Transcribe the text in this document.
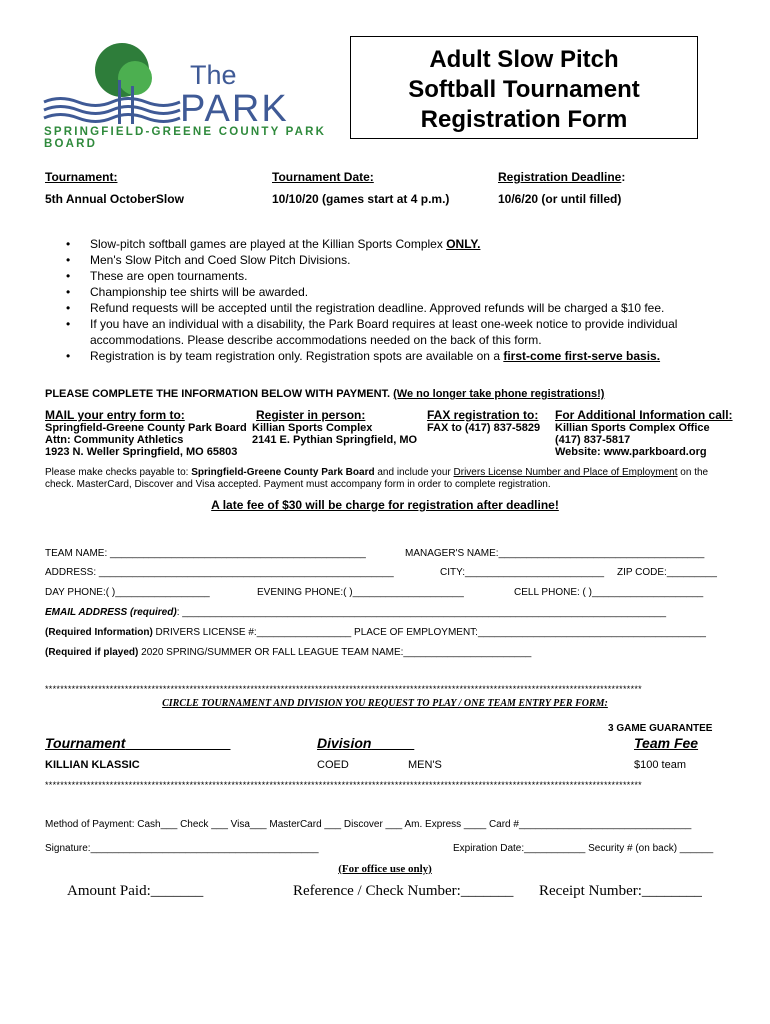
The
PARK
SPRINGFIELD-GREENE COUNTY PARK BOARD
Adult Slow Pitch
Softball Tournament
Registration Form
Tournament:
5th Annual OctoberSlow
Tournament Date:
10/10/20 (games start at 4 p.m.)
Registration Deadline:
10/6/20 (or until filled)
• Slow-pitch softball games are played at the Killian Sports Complex ONLY.
• Men's Slow Pitch and Coed Slow Pitch Divisions.
• These are open tournaments.
• Championship tee shirts will be awarded.
• Refund requests will be accepted until the registration deadline. Approved refunds will be charged a $10 fee.
• If you have an individual with a disability, the Park Board requires at least one-week notice to provide individual
accommodations. Please describe accommodations needed on the back of this form.
• Registration is by team registration only. Registration spots are available on a first-come first-serve basis.
PLEASE COMPLETE THE INFORMATION BELOW WITH PAYMENT. (We no longer take phone registrations!)
MAIL your entry form to:
Springfield-Greene County Park Board
Attn: Community Athletics
1923 N. Weller Springfield, MO 65803
Register in person:
Killian Sports Complex
2141 E. Pythian Springfield, MO
FAX registration to:
FAX to (417) 837-5829
For Additional Information call:
Killian Sports Complex Office
(417) 837-5817
Website: www.parkboard.org
Please make checks payable to: Springfield-Greene County Park Board and include your Drivers License Number and Place of Employment on the
check. MasterCard, Discover and Visa accepted. Payment must accompany form in order to complete registration.
A late fee of $30 will be charge for registration after deadline!
TEAM NAME: ______________________________________________	MANAGER'S NAME:_____________________________________
ADDRESS: _____________________________________________________	CITY:_________________________ ZIP CODE:_________
DAY PHONE:( )_________________	EVENING PHONE:( )____________________	CELL PHONE: ( )____________________
EMAIL ADDRESS (required): _______________________________________________________________________________________
(Required Information) DRIVERS LICENSE #:_________________ PLACE OF EMPLOYMENT:_________________________________________
(Required if played) 2020 SPRING/SUMMER OR FALL LEAGUE TEAM NAME:_______________________
*************************************************************************************************************************************************************
CIRCLE TOURNAMENT AND DIVISION YOU REQUEST TO PLAY / ONE TEAM ENTRY PER FORM:
3 GAME GUARANTEE
Tournament _____________	Division _____	Team Fee
KILLIAN KLASSIC	COED	MEN'S	$100 team
*************************************************************************************************************************************************************
Method of Payment: Cash___ Check ___ Visa___ MasterCard ___ Discover ___ Am. Express ____ Card #_______________________________
Signature:_________________________________________	Expiration Date:___________ Security # (on back) ______
(For office use only)
Amount Paid:_______	Reference / Check Number:_______ Receipt Number:________
